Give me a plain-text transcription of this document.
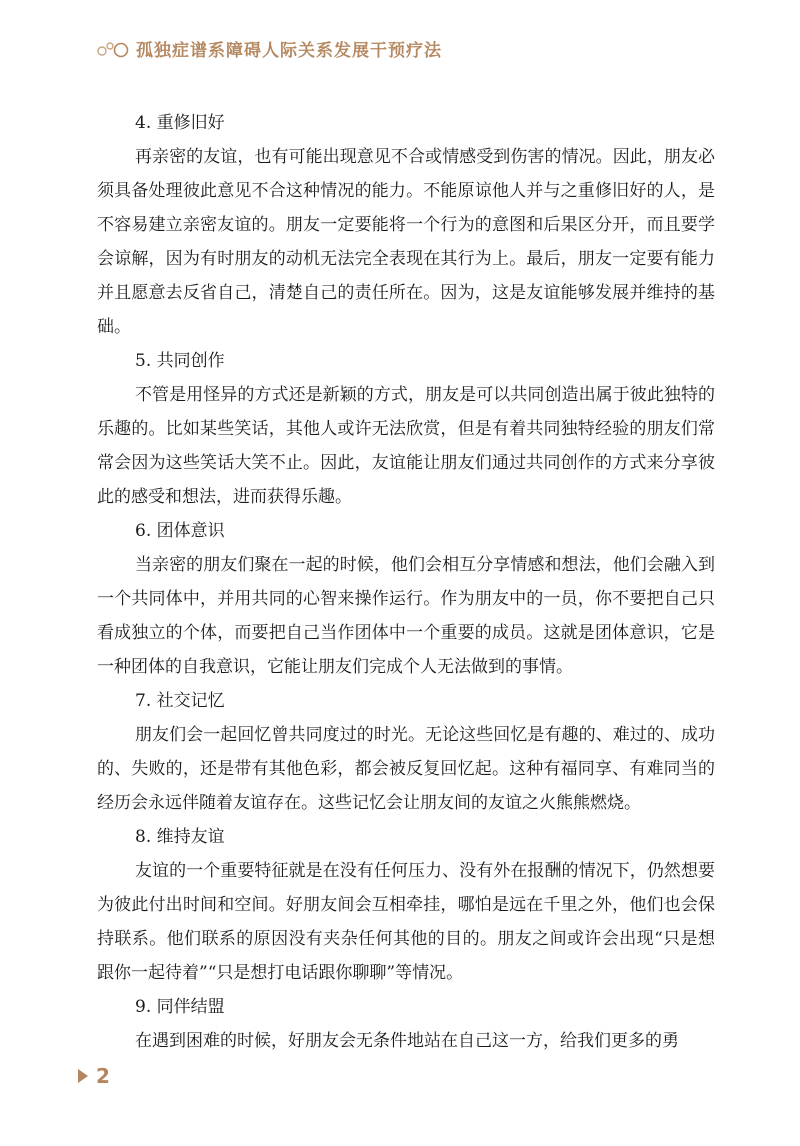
孤独症谱系障碍人际关系发展干预疗法
4. 重修旧好

再亲密的友谊，也有可能出现意见不合或情感受到伤害的情况。因此，朋友必须具备处理彼此意见不合这种情况的能力。不能原谅他人并与之重修旧好的人，是不容易建立亲密友谊的。朋友一定要能将一个行为的意图和后果区分开，而且要学会谅解，因为有时朋友的动机无法完全表现在其行为上。最后，朋友一定要有能力并且愿意去反省自己，清楚自己的责任所在。因为，这是友谊能够发展并维持的基础。

5. 共同创作

不管是用怪异的方式还是新颖的方式，朋友是可以共同创造出属于彼此独特的乐趣的。比如某些笑话，其他人或许无法欣赏，但是有着共同独特经验的朋友们常常会因为这些笑话大笑不止。因此，友谊能让朋友们通过共同创作的方式来分享彼此的感受和想法，进而获得乐趣。

6. 团体意识

当亲密的朋友们聚在一起的时候，他们会相互分享情感和想法，他们会融入到一个共同体中，并用共同的心智来操作运行。作为朋友中的一员，你不要把自己只看成独立的个体，而要把自己当作团体中一个重要的成员。这就是团体意识，它是一种团体的自我意识，它能让朋友们完成个人无法做到的事情。

7. 社交记忆

朋友们会一起回忆曾共同度过的时光。无论这些回忆是有趣的、难过的、成功的、失败的，还是带有其他色彩，都会被反复回忆起。这种有福同享、有难同当的经历会永远伴随着友谊存在。这些记忆会让朋友间的友谊之火熊熊燃烧。

8. 维持友谊

友谊的一个重要特征就是在没有任何压力、没有外在报酬的情况下，仍然想要为彼此付出时间和空间。好朋友间会互相牵挂，哪怕是远在千里之外，他们也会保持联系。他们联系的原因没有夹杂任何其他的目的。朋友之间或许会出现“只是想跟你一起待着”“只是想打电话跟你聊聊”等情况。

9. 同伴结盟

在遇到困难的时候，好朋友会无条件地站在自己这一方，给我们更多的勇

2
